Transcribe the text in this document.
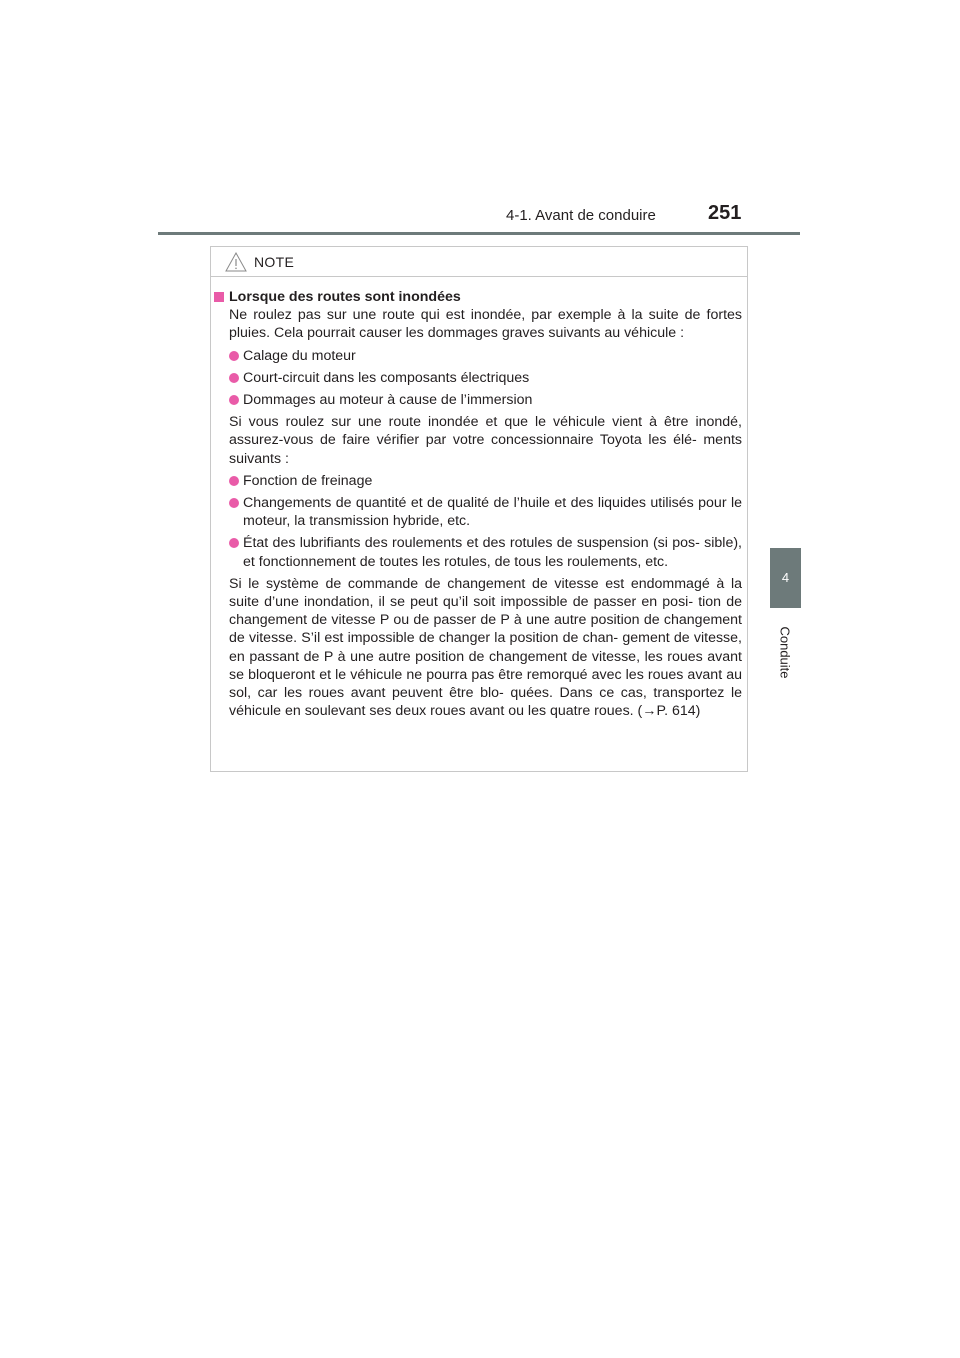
4-1. Avant de conduire	251
4
Conduite
NOTE
Lorsque des routes sont inondées
Ne roulez pas sur une route qui est inondée, par exemple à la suite de fortes pluies. Cela pourrait causer les dommages graves suivants au véhicule :
Calage du moteur
Court-circuit dans les composants électriques
Dommages au moteur à cause de l’immersion
Si vous roulez sur une route inondée et que le véhicule vient à être inondé, assurez-vous de faire vérifier par votre concessionnaire Toyota les élé- ments suivants :
Fonction de freinage
Changements de quantité et de qualité de l’huile et des liquides utilisés pour le moteur, la transmission hybride, etc.
État des lubrifiants des roulements et des rotules de suspension (si pos- sible), et fonctionnement de toutes les rotules, de tous les roulements, etc.
Si le système de commande de changement de vitesse est endommagé à la suite d’une inondation, il se peut qu’il soit impossible de passer en posi- tion de changement de vitesse P ou de passer de P à une autre position de changement de vitesse. S’il est impossible de changer la position de chan- gement de vitesse, en passant de P à une autre position de changement de vitesse, les roues avant se bloqueront et le véhicule ne pourra pas être remorqué avec les roues avant au sol, car les roues avant peuvent être blo- quées. Dans ce cas, transportez le véhicule en soulevant ses deux roues avant ou les quatre roues. (→P. 614)
